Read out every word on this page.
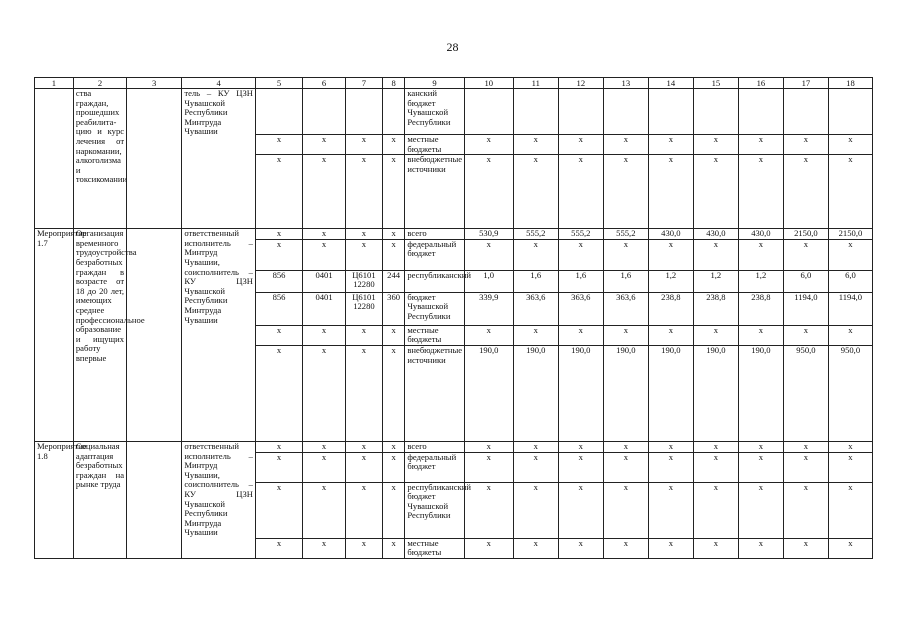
28
1	2	3	4	5	6	7	8	9	10	11	12	13	14	15	16	17	18
	ства граждан, прошедших реабилита-цию и курс лечения от наркомании, алкоголизма и токсикомании		тель – КУ ЦЗН Чувашской Республики Минтруда Чувашии					канский бюджет Чувашской Республики									
				x	x	x	x	местные бюджеты	x	x	x	x	x	x	x	x	x
				x	x	x	x	внебюджетные источники	x	x	x	x	x	x	x	x	x
Мероприятие 1.7	Организация временного трудоустройства безработных граждан в возрасте от 18 до 20 лет, имеющих среднее профессиональное образование и ищущих работу впервые		ответственный исполнитель – Минтруд Чувашии, соисполнитель – КУ ЦЗН Чувашской Республики Минтруда Чувашии	x	x	x	x	всего	530,9	555,2	555,2	555,2	430,0	430,0	430,0	2150,0	2150,0
				x	x	x	x	федеральный бюджет	x	x	x	x	x	x	x	x	x
				856	0401	Ц6101 12280	244	республиканский	1,0	1,6	1,6	1,6	1,2	1,2	1,2	6,0	6,0
				856	0401	Ц6101 12280	360	бюджет Чувашской Республики	339,9	363,6	363,6	363,6	238,8	238,8	238,8	1194,0	1194,0
				x	x	x	x	местные бюджеты	x	x	x	x	x	x	x	x	x
				x	x	x	x	внебюджетные источники	190,0	190,0	190,0	190,0	190,0	190,0	190,0	950,0	950,0
Мероприятие 1.8	Социальная адаптация безработных граждан на рынке труда		ответственный исполнитель – Минтруд Чувашии, соисполнитель – КУ ЦЗН Чувашской Республики Минтруда Чувашии	x	x	x	x	всего	x	x	x	x	x	x	x	x	x
				x	x	x	x	федеральный бюджет	x	x	x	x	x	x	x	x	x
				x	x	x	x	республиканский бюджет Чувашской Республики	x	x	x	x	x	x	x	x	x
				x	x	x	x	местные бюджеты	x	x	x	x	x	x	x	x	x
